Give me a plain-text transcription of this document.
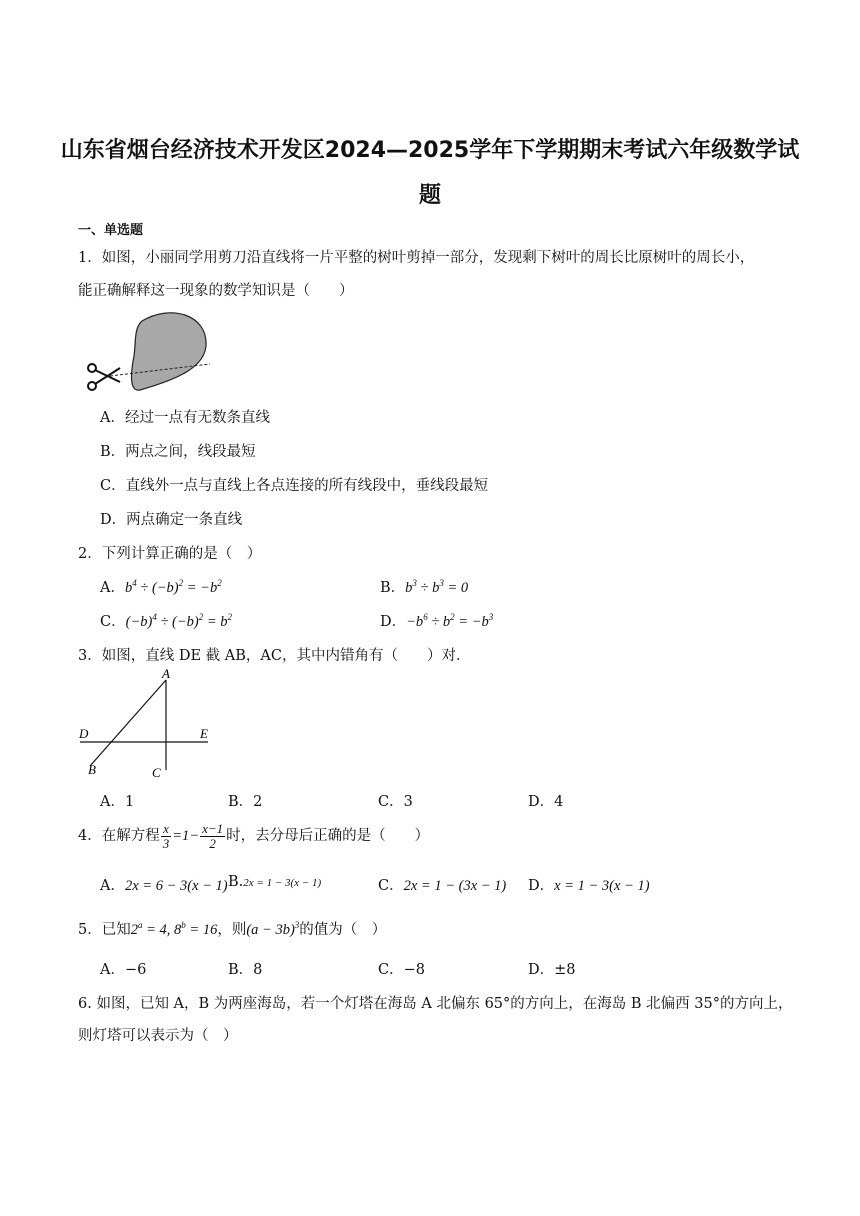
山东省烟台经济技术开发区2024—2025学年下学期期末考试六年级数学试
题
一、单选题
1．如图，小丽同学用剪刀沿直线将一片平整的树叶剪掉一部分，发现剩下树叶的周长比原树叶的周长小，
能正确解释这一现象的数学知识是（　　）
A．经过一点有无数条直线
B．两点之间，线段最短
C．直线外一点与直线上各点连接的所有线段中，垂线段最短
D．两点确定一条直线
2．下列计算正确的是（　）
A．$b^4 \div (-b)^2 = -b^2$	B．$b^3 \div b^3 = 0$
C．$(-b)^4 \div (-b)^2 = b^2$	D．$-b^6 \div b^2 = -b^3$
3．如图，直线 DE 截 AB，AC，其中内错角有（　　）对．
A
D	E
B	C
A．1	B．2	C．3	D．4
4．在解方程 $\frac{x}{3} =1- \frac{x-1}{2}$ 时，去分母后正确的是（　　）
A．2x = 6 − 3(x − 1) B.2x = 1 − 3(x − 1)	C．2x = 1 − (3x − 1) D．x = 1 − 3(x − 1)
5．已知$2^a = 4$, $8^b = 16$，则$(a - 3b)^3$的值为（　）
A．−6	B．8	C．−8	D．±8
6. 如图，已知 A，B 为两座海岛，若一个灯塔在海岛 A 北偏东 65°的方向上，在海岛 B 北偏西 35°的方向上，
则灯塔可以表示为（　）
